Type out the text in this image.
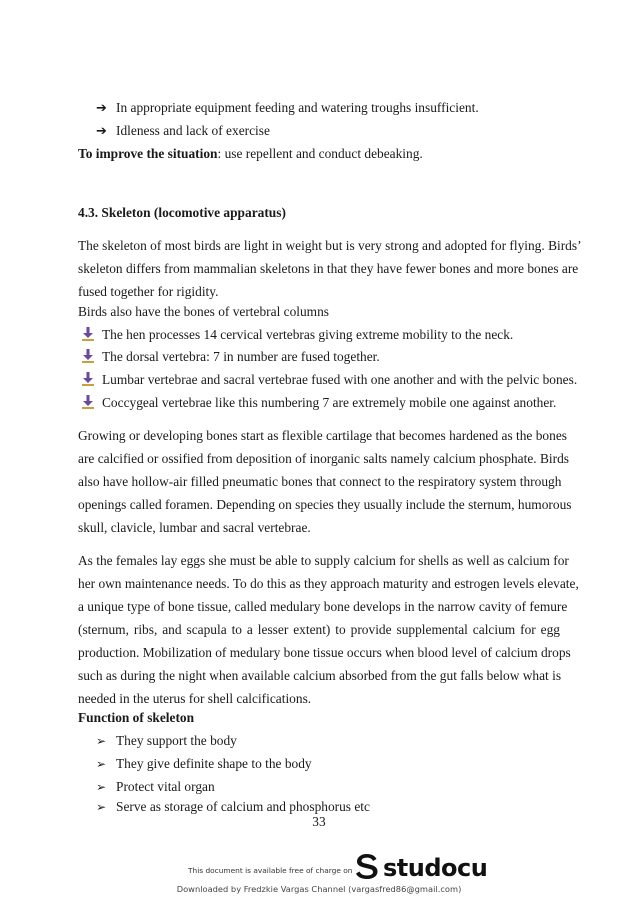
➔ In appropriate equipment feeding and watering troughs insufficient.
➔ Idleness and lack of exercise
To improve the situation: use repellent and conduct debeaking.
4.3. Skeleton (locomotive apparatus)
The skeleton of most birds are light in weight but is very strong and adopted for flying. Birds’
skeleton differs from mammalian skeletons in that they have fewer bones and more bones are
fused together for rigidity.
Birds also have the bones of vertebral columns
The hen processes 14 cervical vertebras giving extreme mobility to the neck.
The dorsal vertebra: 7 in number are fused together.
Lumbar vertebrae and sacral vertebrae fused with one another and with the pelvic bones.
Coccygeal vertebrae like this numbering 7 are extremely mobile one against another.
Growing or developing bones start as flexible cartilage that becomes hardened as the bones
are calcified or ossified from deposition of inorganic salts namely calcium phosphate. Birds
also have hollow-air filled pneumatic bones that connect to the respiratory system through
openings called foramen. Depending on species they usually include the sternum, humorous
skull, clavicle, lumbar and sacral vertebrae.
As the females lay eggs she must be able to supply calcium for shells as well as calcium for
her own maintenance needs. To do this as they approach maturity and estrogen levels elevate,
a unique type of bone tissue, called medulary bone develops in the narrow cavity of femure
(sternum, ribs, and scapula to a lesser extent) to provide supplemental calcium for egg
production. Mobilization of medulary bone tissue occurs when blood level of calcium drops
such as during the night when available calcium absorbed from the gut falls below what is
needed in the uterus for shell calcifications.
Function of skeleton
➢ They support the body
➢ They give definite shape to the body
➢ Protect vital organ
➢ Serve as storage of calcium and phosphorus etc
33
This document is available free of charge on studocu
Downloaded by Fredzkie Vargas Channel (vargasfred86@gmail.com)
